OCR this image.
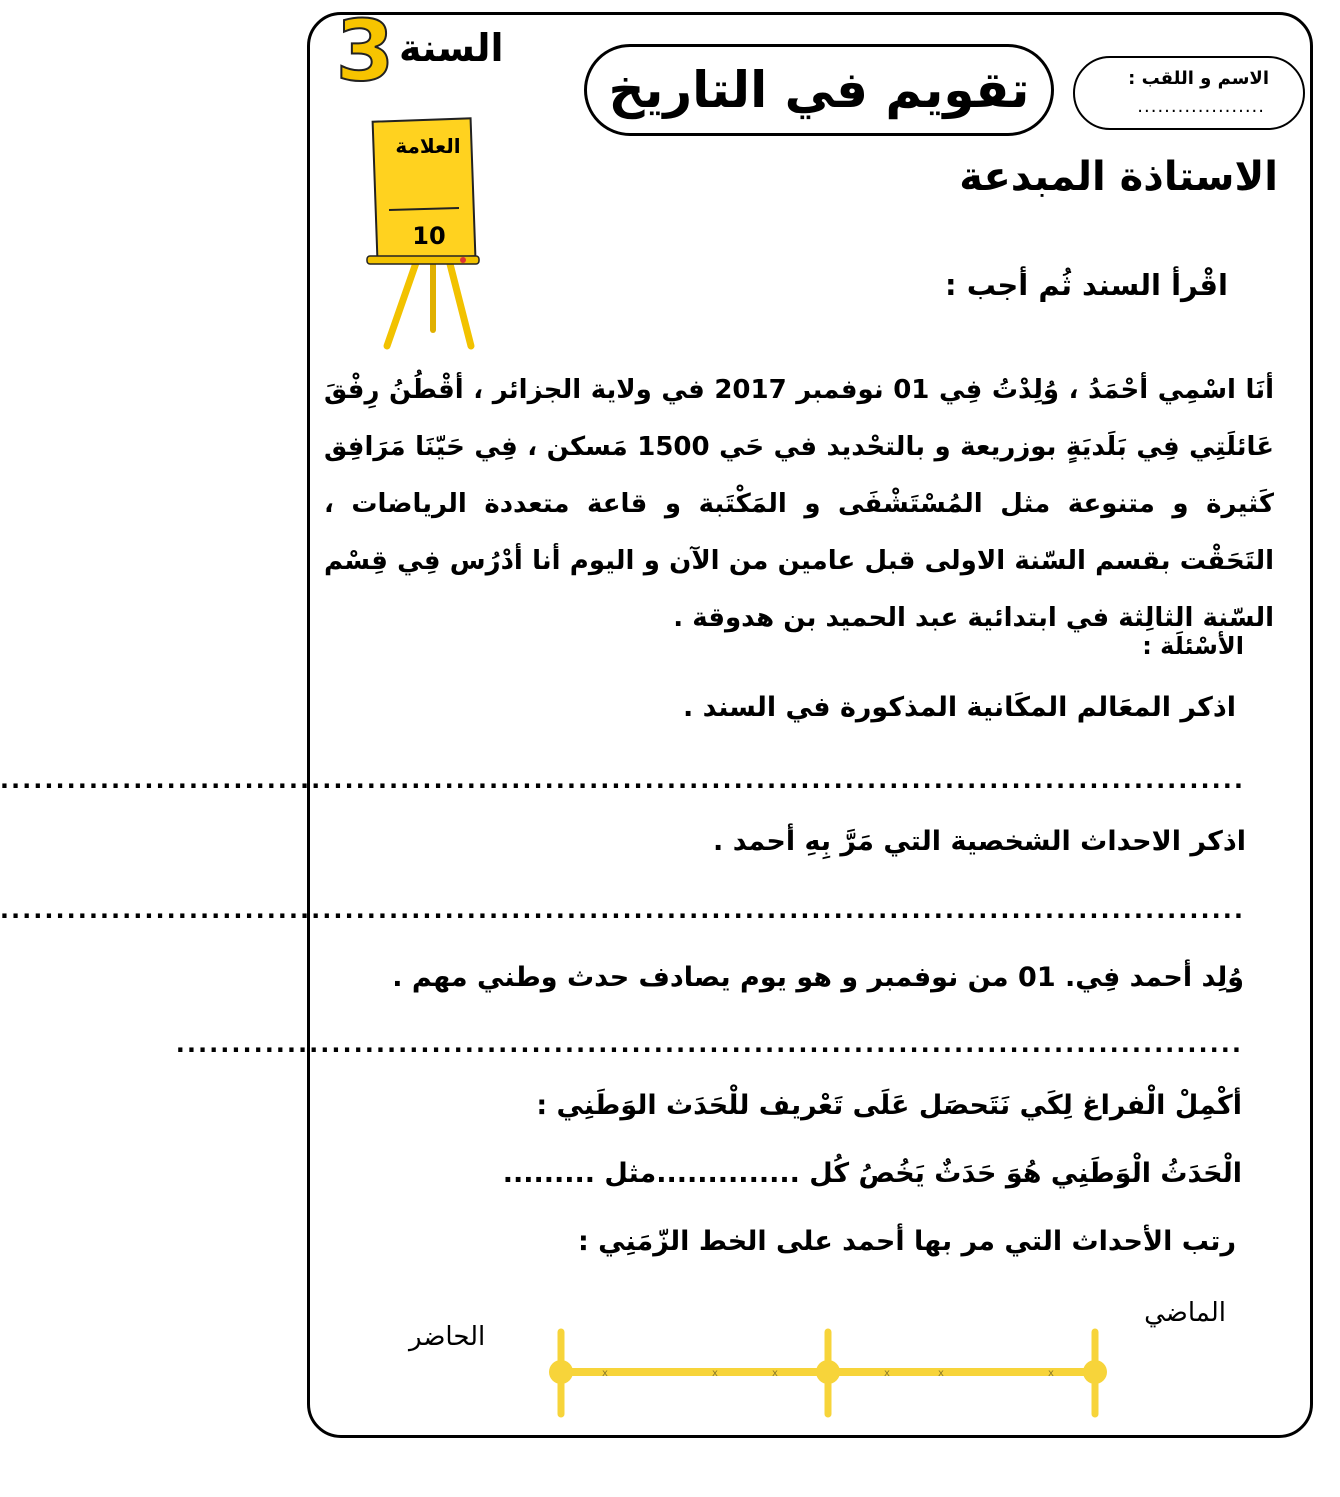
3 السنة
تقويم في التاريخ	الاسم و اللقب :
...................
الاستاذة المبدعة
العلامة
10
اقْرأ السند ثُم أجب :
أنَا اسْمِي أحْمَدُ ، وُلِدْتُ فِي 01 نوفمبر 2017 في ولاية الجزائر ، أقْطُنُ رِفْقَ عَائلَتِي فِي بَلَديَةٍ بوزريعة و بالتحْديد في حَي 1500 مَسكن ، فِي حَيّنَا مَرَافِق كَثيرة و متنوعة مثل المُسْتَشْفَى و المَكْتَبة و قاعة متعددة الرياضات ، التَحَقْت بقسم السّنة الاولى قبل عامين من الآن و اليوم أنا أدْرُس فِي قِسْم السّنة الثالِثة في ابتدائية عبد الحميد بن هدوقة .
الأسْئلَة :
اذكر المعَالم المكَانية المذكورة في السند .
................................................................................................................
اذكر الاحداث الشخصية التي مَرَّ بِهِ أحمد .
................................................................................................................
وُلِد أحمد فِي. 01 من نوفمبر و هو يوم يصادف حدث وطني مهم .
................................................................................................
أكْمِلْ الْفراغ لِكَي نَتَحصَل عَلَى تَعْريف للْحَدَث الوَطَنِي :
الْحَدَثُ الْوَطَنِي هُوَ حَدَثٌ يَخُصُ كُل ..............مثل .........
رتب الأحداث التي مر بها أحمد على الخط الزّمَنِي :
الماضي
الحاضر
x	x	x	x	x	x
